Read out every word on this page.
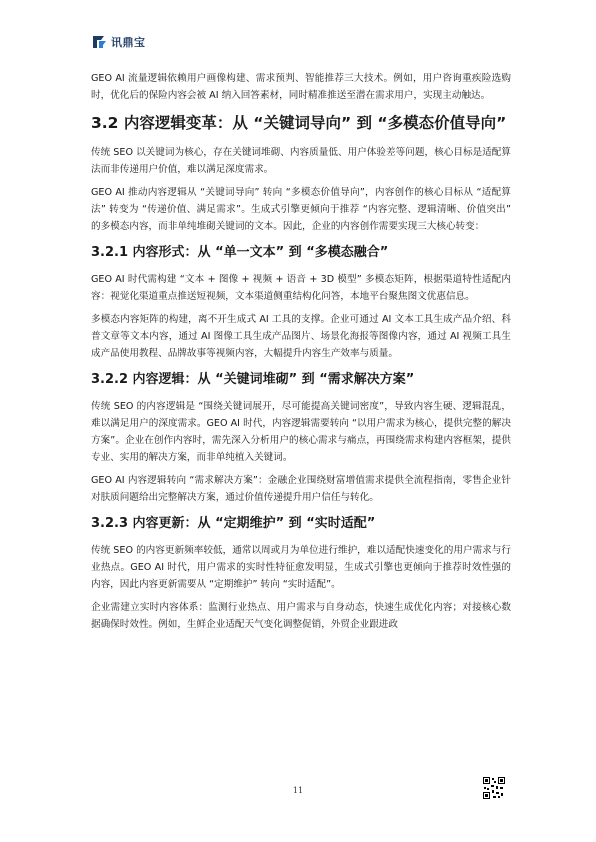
讯鼎宝

GEO AI 流量逻辑依赖用户画像构建、需求预判、智能推荐三大技术。例如，用户咨询重疾险选购时，优化后的保险内容会被 AI 纳入回答素材，同时精准推送至潜在需求用户，实现主动触达。

3.2 内容逻辑变革：从 “关键词导向” 到 “多模态价值导向”

传统 SEO 以关键词为核心，存在关键词堆砌、内容质量低、用户体验差等问题，核心目标是适配算法而非传递用户价值，难以满足深度需求。

GEO AI 推动内容逻辑从 “关键词导向” 转向 “多模态价值导向”，内容创作的核心目标从 “适配算法” 转变为 “传递价值、满足需求”。生成式引擎更倾向于推荐 “内容完整、逻辑清晰、价值突出” 的多模态内容，而非单纯堆砌关键词的文本。因此，企业的内容创作需要实现三大核心转变：

3.2.1 内容形式：从 “单一文本” 到 “多模态融合”

GEO AI 时代需构建 “文本 + 图像 + 视频 + 语音 + 3D 模型” 多模态矩阵，根据渠道特性适配内容：视觉化渠道重点推送短视频，文本渠道侧重结构化问答，本地平台聚焦图文优惠信息。

多模态内容矩阵的构建，离不开生成式 AI 工具的支撑。企业可通过 AI 文本工具生成产品介绍、科普文章等文本内容，通过 AI 图像工具生成产品图片、场景化海报等图像内容，通过 AI 视频工具生成产品使用教程、品牌故事等视频内容，大幅提升内容生产效率与质量。

3.2.2 内容逻辑：从 “关键词堆砌” 到 “需求解决方案”

传统 SEO 的内容逻辑是 “围绕关键词展开，尽可能提高关键词密度”，导致内容生硬、逻辑混乱，难以满足用户的深度需求。GEO AI 时代，内容逻辑需要转向 “以用户需求为核心，提供完整的解决方案”。企业在创作内容时，需先深入分析用户的核心需求与痛点，再围绕需求构建内容框架，提供专业、实用的解决方案，而非单纯植入关键词。

GEO AI 内容逻辑转向 “需求解决方案”：金融企业围绕财富增值需求提供全流程指南，零售企业针对肤质问题给出完整解决方案，通过价值传递提升用户信任与转化。

3.2.3 内容更新：从 “定期维护” 到 “实时适配”

传统 SEO 的内容更新频率较低，通常以周或月为单位进行维护，难以适配快速变化的用户需求与行业热点。GEO AI 时代，用户需求的实时性特征愈发明显，生成式引擎也更倾向于推荐时效性强的内容，因此内容更新需要从 “定期维护” 转向 “实时适配”。

企业需建立实时内容体系：监测行业热点、用户需求与自身动态，快速生成优化内容；对接核心数据确保时效性。例如，生鲜企业适配天气变化调整促销，外贸企业跟进政

11
